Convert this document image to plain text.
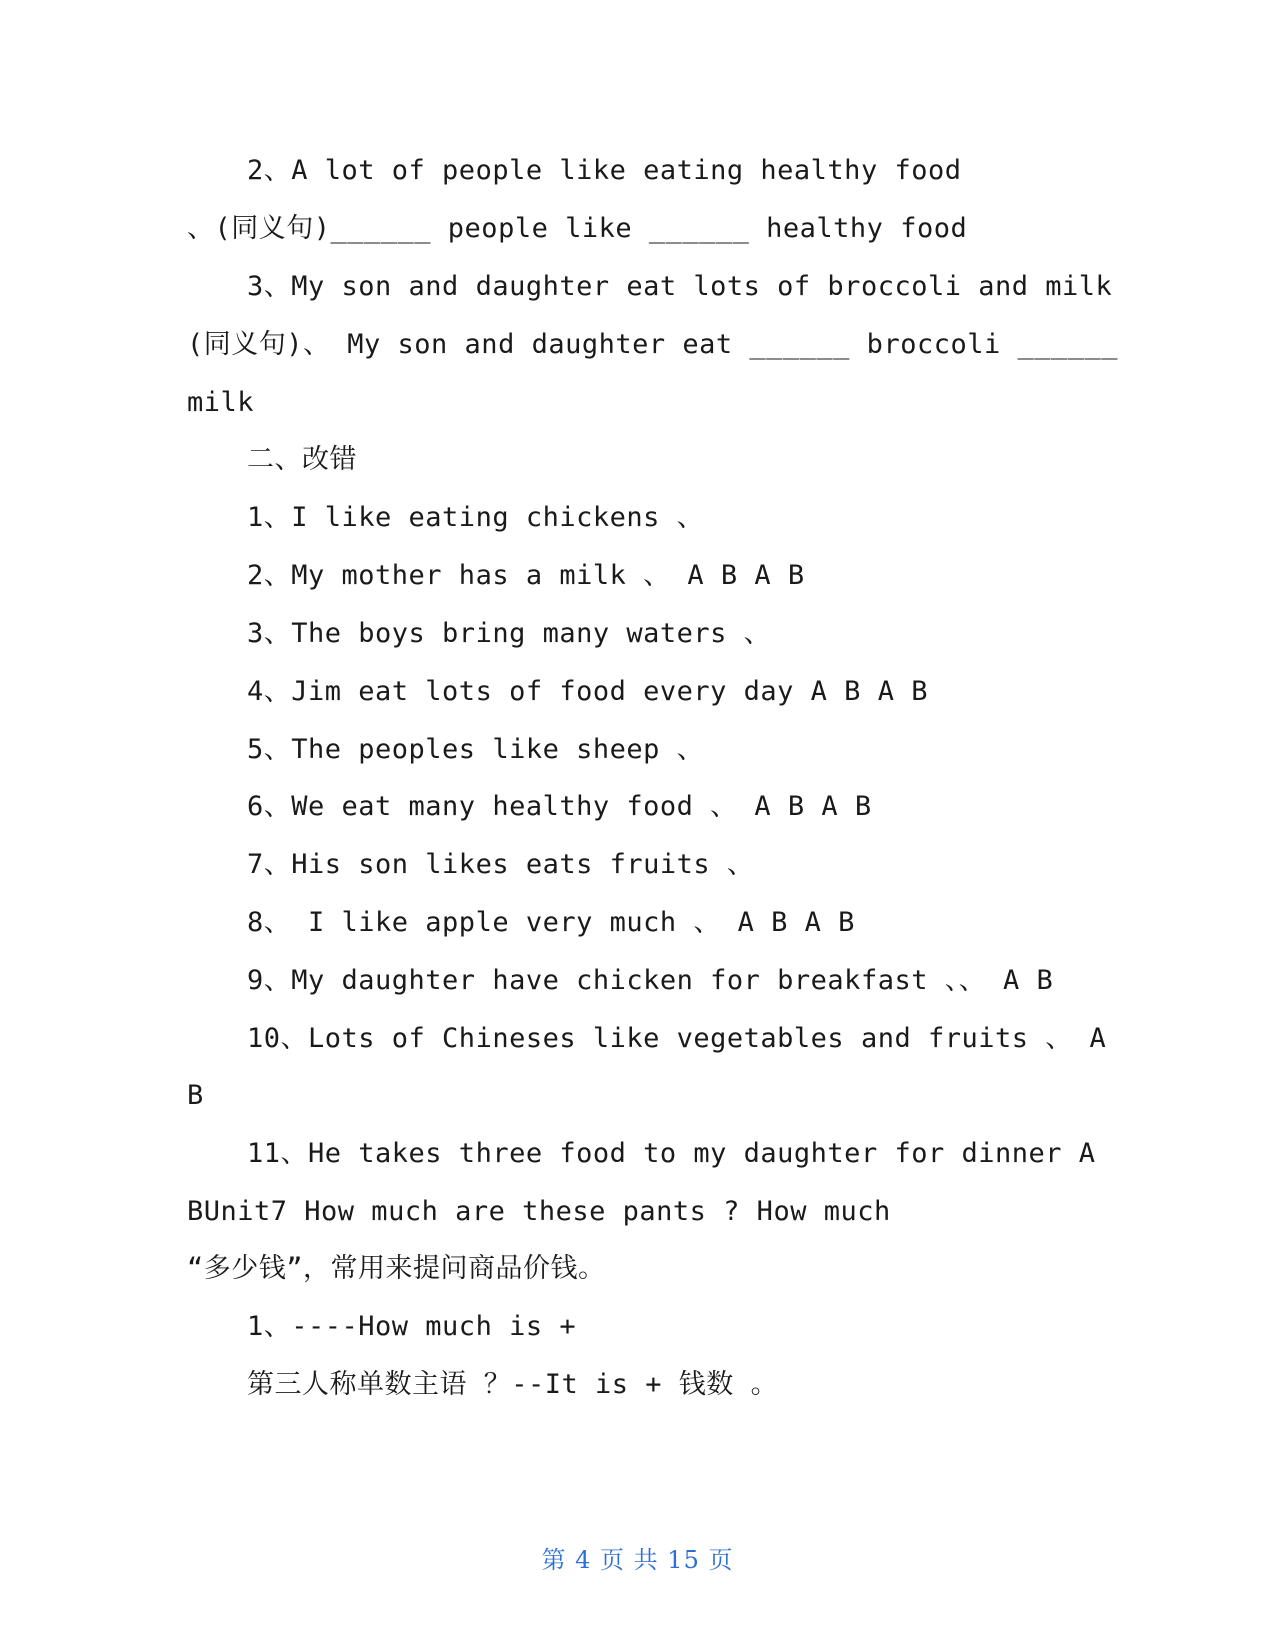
2、A lot of people like eating healthy food
、(同义句)______ people like ______ healthy food
3、My son and daughter eat lots of broccoli and milk
(同义句)、 My son and daughter eat ______ broccoli ______
milk
二、改错
1、I like eating chickens 、
2、My mother has a milk 、 A B A B
3、The boys bring many waters 、
4、Jim eat lots of food every day A B A B
5、The peoples like sheep 、
6、We eat many healthy food 、 A B A B
7、His son likes eats fruits 、
8、 I like apple very much 、 A B A B
9、My daughter have chicken for breakfast 、、 A B
10、Lots of Chineses like vegetables and fruits 、 A
B
11、He takes three food to my daughter for dinner A
BUnit7 How much are these pants ? How much
“多少钱”，常用来提问商品价钱。
1、----How much is +
第三人称单数主语 ？--It is + 钱数 。
第 4 页 共 15 页
